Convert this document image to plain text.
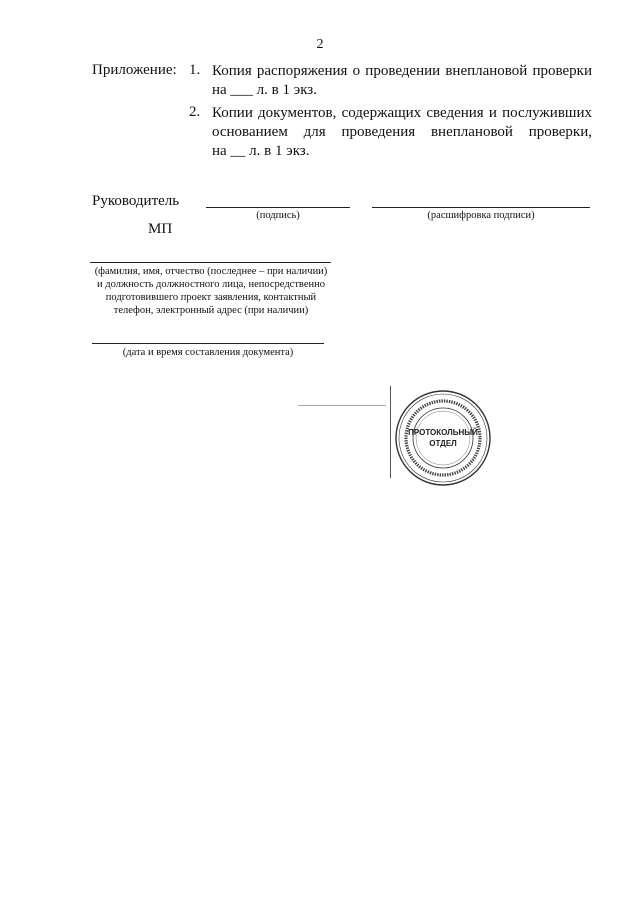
2
Приложение: 1. Копия распоряжения о проведении внеплановой проверки
на ___ л. в 1 экз.
2. Копии документов, содержащих сведения и послуживших
основанием для проведения внеплановой проверки,
на __ л. в 1 экз.
Руководитель
(подпись)	(расшифровка подписи)
МП
(фамилия, имя, отчество (последнее – при наличии)
и должность должностного лица, непосредственно
подготовившего проект заявления, контактный
телефон, электронный адрес (при наличии)
(дата и время составления документа)
ПРОТОКОЛЬНЫЙ
ОТДЕЛ
